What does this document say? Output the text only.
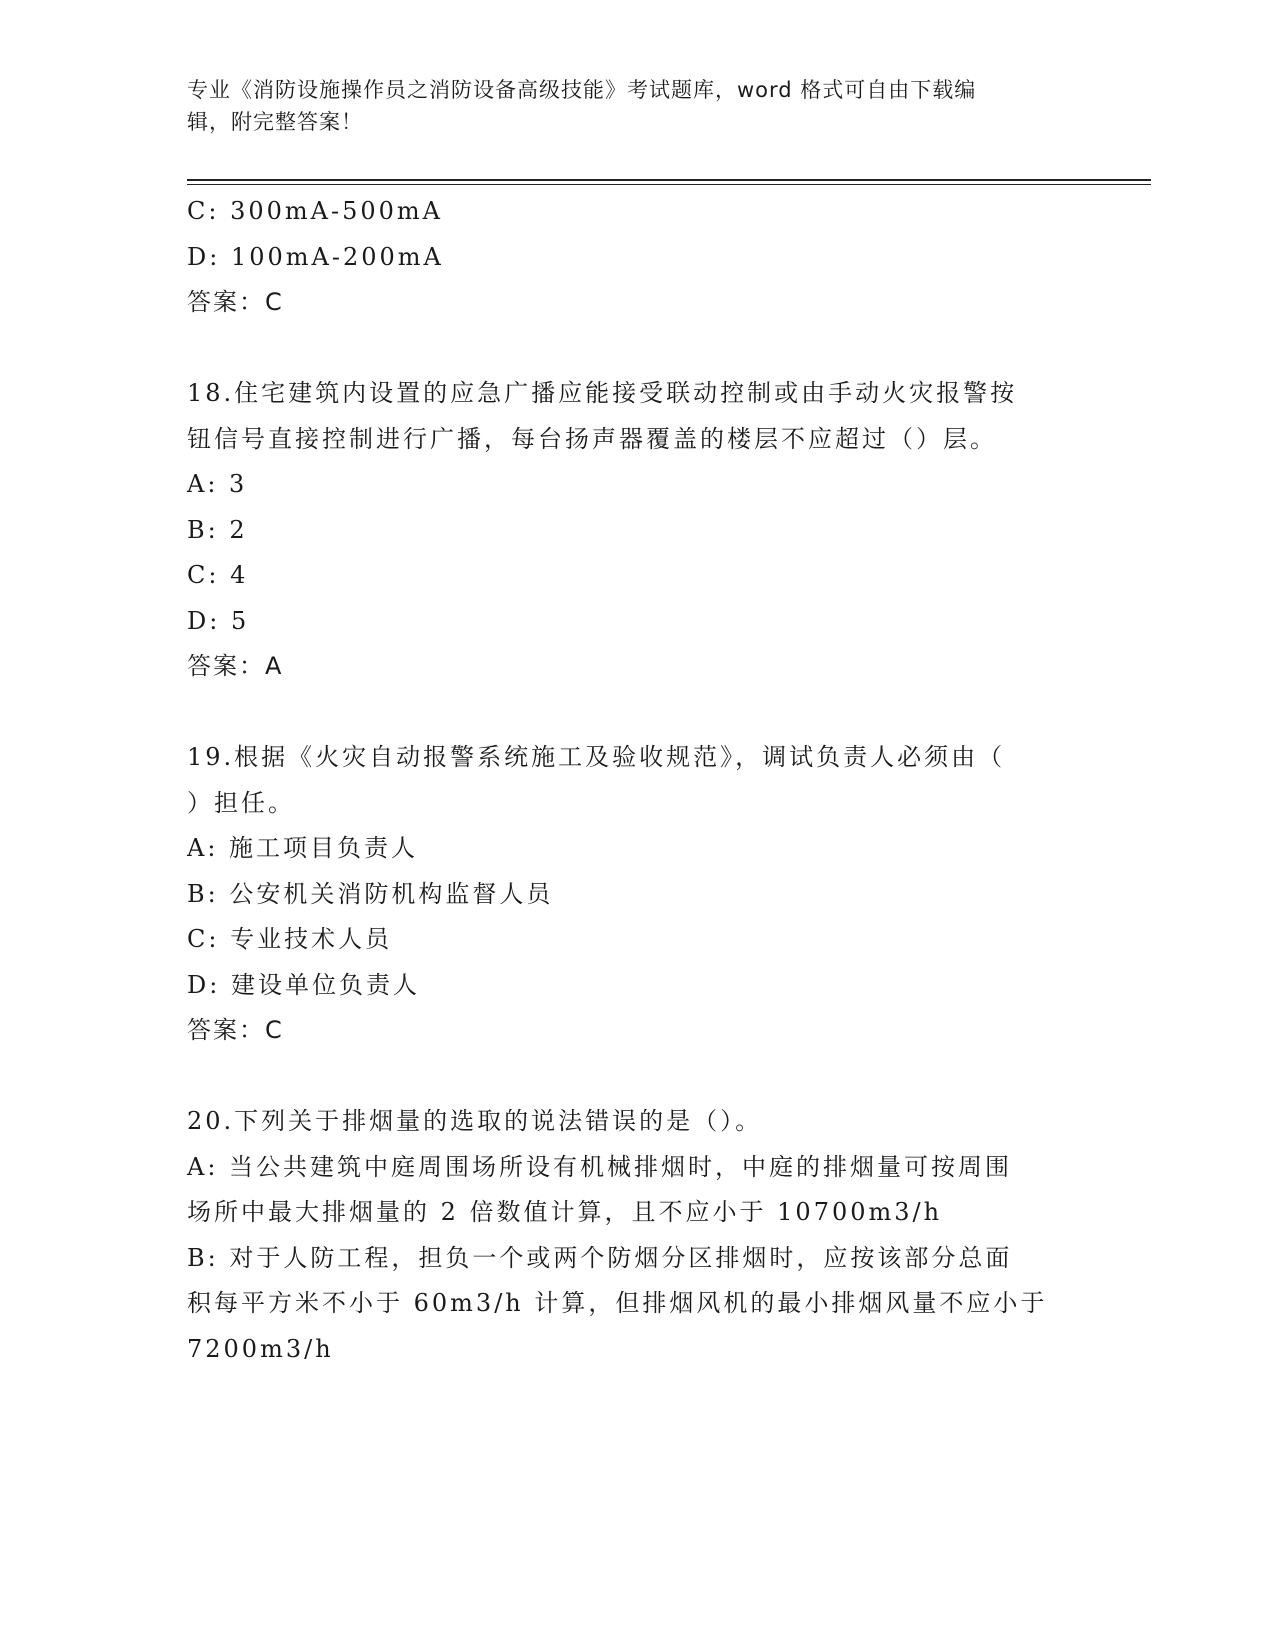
专业《消防设施操作员之消防设备高级技能》考试题库，word 格式可自由下载编
辑，附完整答案！
C: 300mA-500mA
D: 100mA-200mA
答案：C
18.住宅建筑内设置的应急广播应能接受联动控制或由手动火灾报警按
钮信号直接控制进行广播，每台扬声器覆盖的楼层不应超过（）层。
A: 3
B: 2
C: 4
D: 5
答案：A
19.根据《火灾自动报警系统施工及验收规范》，调试负责人必须由（
）担任。
A: 施工项目负责人
B: 公安机关消防机构监督人员
C: 专业技术人员
D: 建设单位负责人
答案：C
20.下列关于排烟量的选取的说法错误的是（）。
A: 当公共建筑中庭周围场所设有机械排烟时，中庭的排烟量可按周围
场所中最大排烟量的 2 倍数值计算，且不应小于 10700m3/h
B: 对于人防工程，担负一个或两个防烟分区排烟时，应按该部分总面
积每平方米不小于 60m3/h 计算，但排烟风机的最小排烟风量不应小于
7200m3/h
